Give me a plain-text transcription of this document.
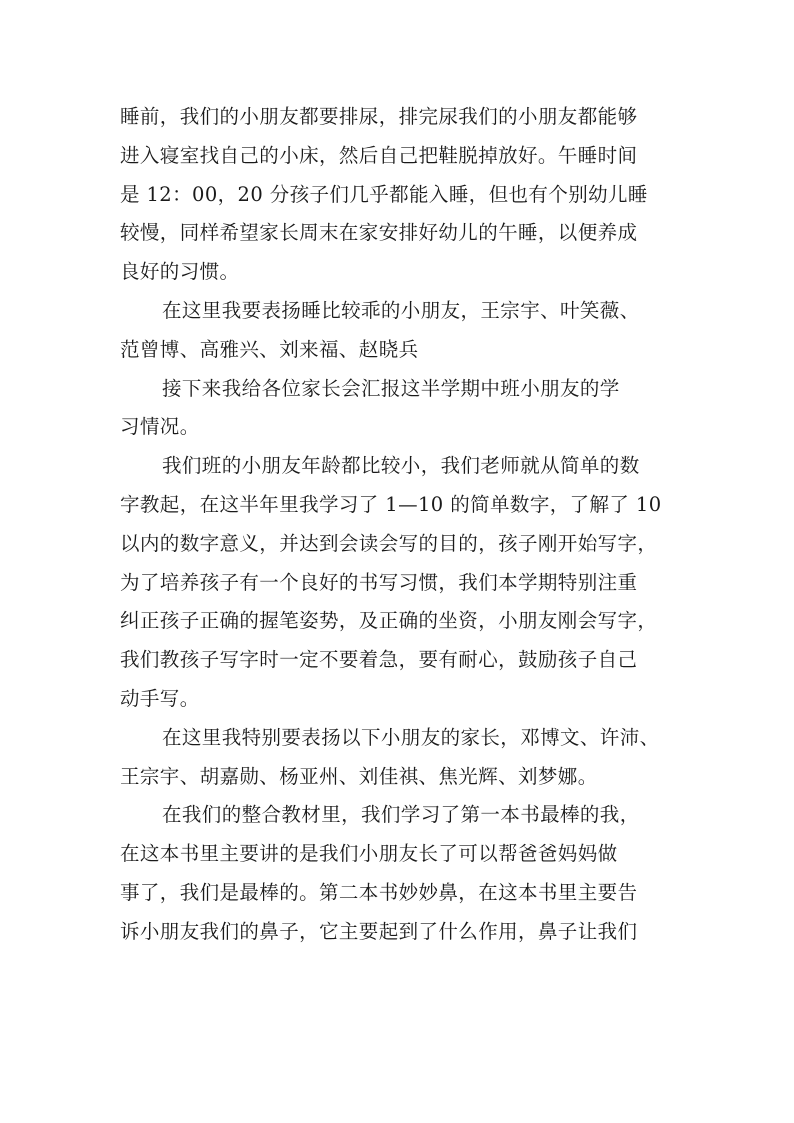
睡前，我们的小朋友都要排尿，排完尿我们的小朋友都能够
进入寝室找自己的小床，然后自己把鞋脱掉放好。午睡时间
是 12：00，20 分孩子们几乎都能入睡，但也有个别幼儿睡
较慢，同样希望家长周末在家安排好幼儿的午睡，以便养成
良好的习惯。

在这里我要表扬睡比较乖的小朋友，王宗宇、叶笑薇、
范曾博、高雅兴、刘来福、赵晓兵

接下来我给各位家长会汇报这半学期中班小朋友的学
习情况。

我们班的小朋友年龄都比较小，我们老师就从简单的数
字教起，在这半年里我学习了 1—10 的简单数字，了解了 10
以内的数字意义，并达到会读会写的目的，孩子刚开始写字，
为了培养孩子有一个良好的书写习惯，我们本学期特别注重
纠正孩子正确的握笔姿势，及正确的坐资，小朋友刚会写字，
我们教孩子写字时一定不要着急，要有耐心，鼓励孩子自己
动手写。

在这里我特别要表扬以下小朋友的家长，邓博文、许沛、
王宗宇、胡嘉勋、杨亚州、刘佳祺、焦光辉、刘梦娜。

在我们的整合教材里，我们学习了第一本书最棒的我，
在这本书里主要讲的是我们小朋友长了可以帮爸爸妈妈做
事了，我们是最棒的。第二本书妙妙鼻，在这本书里主要告
诉小朋友我们的鼻子，它主要起到了什么作用，鼻子让我们
